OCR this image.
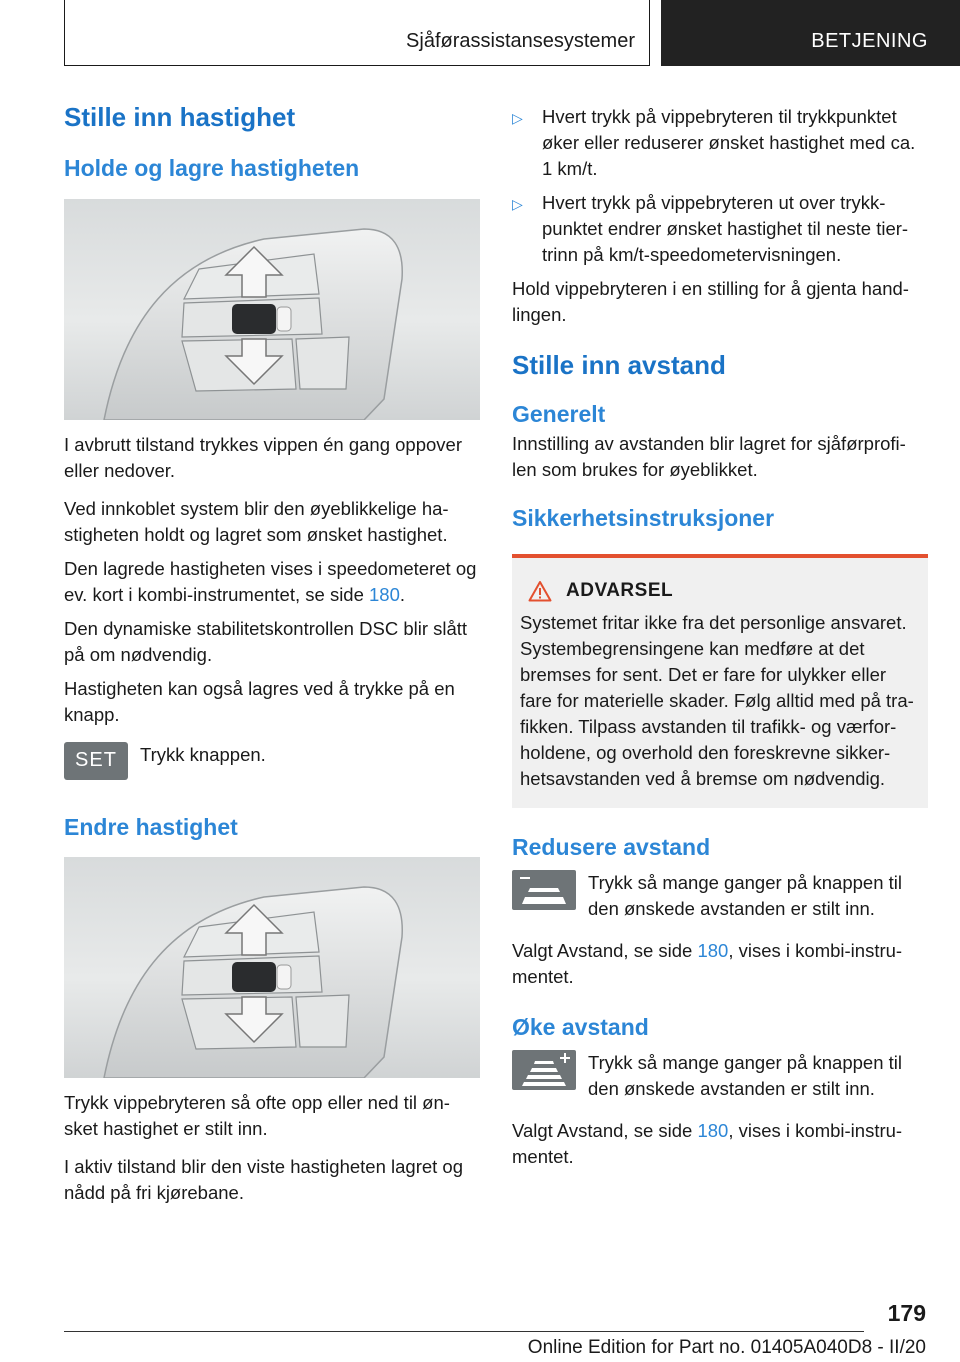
Sjåførassistansesystemer	BETJENING
Stille inn hastighet
Holde og lagre hastigheten

I avbrutt tilstand trykkes vippen én gang oppover eller nedover.

Ved innkoblet system blir den øyeblikkelige ha-stigheten holdt og lagret som ønsket hastighet.

Den lagrede hastigheten vises i speedometeret og ev. kort i kombi-instrumentet, se side 180.

Den dynamiske stabilitetskontrollen DSC blir slått på om nødvendig.

Hastigheten kan også lagres ved å trykke på en knapp.

SET Trykk knappen.
Endre hastighet

Trykk vippebryteren så ofte opp eller ned til øn-sket hastighet er stilt inn.

I aktiv tilstand blir den viste hastigheten lagret og nådd på fri kjørebane.

▷	Hvert trykk på vippebryteren til trykkpunktet øker eller reduserer ønsket hastighet med ca. 1 km/t.
▷	Hvert trykk på vippebryteren ut over trykk-punktet endrer ønsket hastighet til neste tier-trinn på km/t-speedometervisningen.

Hold vippebryteren i en stilling for å gjenta hand-lingen.

Stille inn avstand
Generelt

Innstilling av avstanden blir lagret for sjåførprofi-len som brukes for øyeblikket.

Sikkerhetsinstruksjoner
ADVARSEL
Systemet fritar ikke fra det personlige ansvaret. Systembegrensingene kan medføre at det bremses for sent. Det er fare for ulykker eller fare for materielle skader. Følg alltid med på tra-fikken. Tilpass avstanden til trafikk- og værfor-holdene, og overhold den foreskrevne sikker-hetsavstanden ved å bremse om nødvendig.
Redusere avstand
Trykk så mange ganger på knappen til den ønskede avstanden er stilt inn.

Valgt Avstand, se side 180, vises i kombi-instru-mentet.

Øke avstand
Trykk så mange ganger på knappen til den ønskede avstanden er stilt inn.

Valgt Avstand, se side 180, vises i kombi-instru-mentet.

179
Online Edition for Part no. 01405A040D8 - II/20
